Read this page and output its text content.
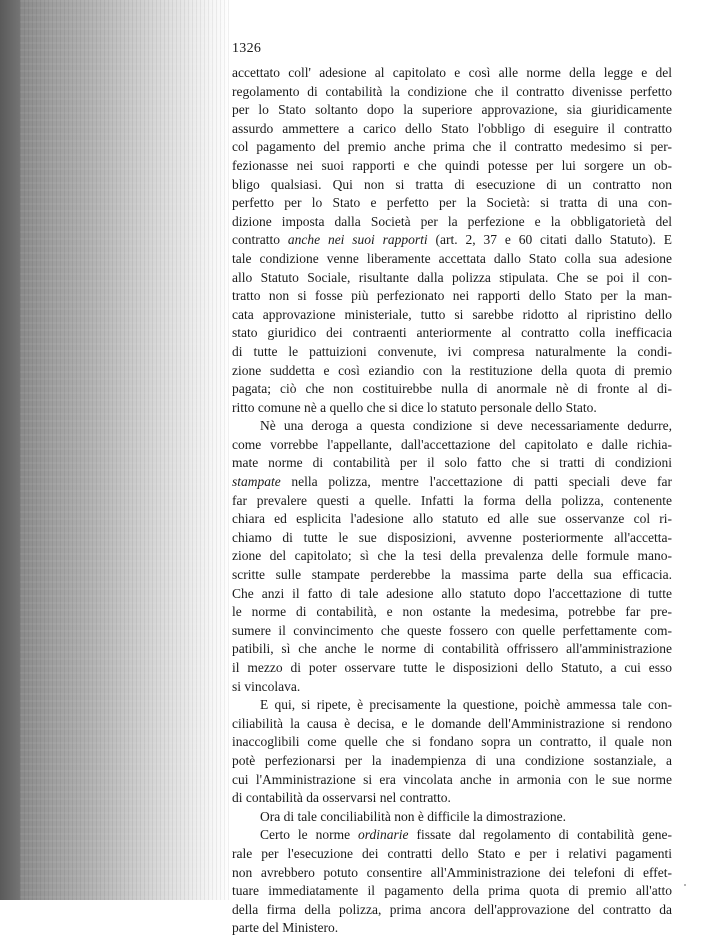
1326
accettato coll' adesione al capitolato e così alle norme della legge e del
regolamento di contabilità la condizione che il contratto divenisse perfetto
per lo Stato soltanto dopo la superiore approvazione, sia giuridicamente
assurdo ammettere a carico dello Stato l'obbligo di eseguire il contratto
col pagamento del premio anche prima che il contratto medesimo si per-
fezionasse nei suoi rapporti e che quindi potesse per lui sorgere un ob-
bligo qualsiasi. Qui non si tratta di esecuzione di un contratto non
perfetto per lo Stato e perfetto per la Società: si tratta di una con-
dizione imposta dalla Società per la perfezione e la obbligatorietà del
contratto anche nei suoi rapporti (art. 2, 37 e 60 citati dallo Statuto). E
tale condizione venne liberamente accettata dallo Stato colla sua adesione
allo Statuto Sociale, risultante dalla polizza stipulata. Che se poi il con-
tratto non si fosse più perfezionato nei rapporti dello Stato per la man-
cata approvazione ministeriale, tutto si sarebbe ridotto al ripristino dello
stato giuridico dei contraenti anteriormente al contratto colla inefficacia
di tutte le pattuizioni convenute, ivi compresa naturalmente la condi-
zione suddetta e così eziandio con la restituzione della quota di premio
pagata; ciò che non costituirebbe nulla di anormale nè di fronte al di-
ritto comune nè a quello che si dice lo statuto personale dello Stato.
Nè una deroga a questa condizione si deve necessariamente dedurre,
come vorrebbe l'appellante, dall'accettazione del capitolato e dalle richia-
mate norme di contabilità per il solo fatto che si tratti di condizioni
stampate nella polizza, mentre l'accettazione di patti speciali deve far
far prevalere questi a quelle. Infatti la forma della polizza, contenente
chiara ed esplicita l'adesione allo statuto ed alle sue osservanze col ri-
chiamo di tutte le sue disposizioni, avvenne posteriormente all'accetta-
zione del capitolato; sì che la tesi della prevalenza delle formule mano-
scritte sulle stampate perderebbe la massima parte della sua efficacia.
Che anzi il fatto di tale adesione allo statuto dopo l'accettazione di tutte
le norme di contabilità, e non ostante la medesima, potrebbe far pre-
sumere il convincimento che queste fossero con quelle perfettamente com-
patibili, sì che anche le norme di contabilità offrissero all'amministrazione
il mezzo di poter osservare tutte le disposizioni dello Statuto, a cui esso
si vincolava.
E qui, si ripete, è precisamente la questione, poichè ammessa tale con-
ciliabilità la causa è decisa, e le domande dell'Amministrazione si rendono
inaccoglibili come quelle che si fondano sopra un contratto, il quale non
potè perfezionarsi per la inadempienza di una condizione sostanziale, a
cui l'Amministrazione si era vincolata anche in armonia con le sue norme
di contabilità da osservarsi nel contratto.
Ora di tale conciliabilità non è difficile la dimostrazione.
Certo le norme ordinarie fissate dal regolamento di contabilità gene-
rale per l'esecuzione dei contratti dello Stato e per i relativi pagamenti
non avrebbero potuto consentire all'Amministrazione dei telefoni di effet-
tuare immediatamente il pagamento della prima quota di premio all'atto
della firma della polizza, prima ancora dell'approvazione del contratto da
parte del Ministero.
